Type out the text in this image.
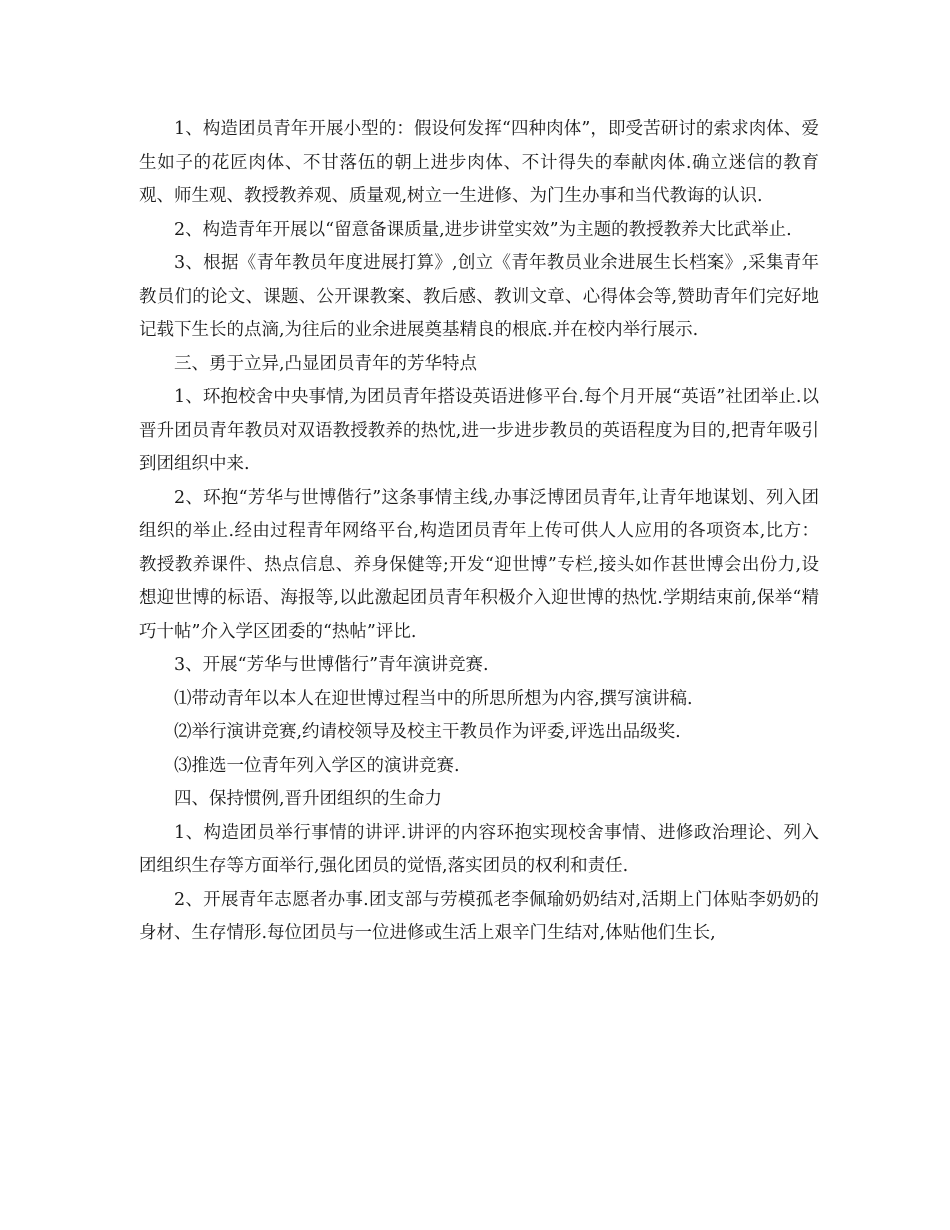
1、构造团员青年开展小型的：假设何发挥“四种肉体”，即受苦研讨的索求肉体、爱生如子的花匠肉体、不甘落伍的朝上进步肉体、不计得失的奉献肉体.确立迷信的教育观、师生观、教授教养观、质量观,树立一生进修、为门生办事和当代教诲的认识.

2、构造青年开展以“留意备课质量,进步讲堂实效”为主题的教授教养大比武举止.

3、根据《青年教员年度进展打算》,创立《青年教员业余进展生长档案》,采集青年教员们的论文、课题、公开课教案、教后感、教训文章、心得体会等,赞助青年们完好地记载下生长的点滴,为往后的业余进展奠基精良的根底.并在校内举行展示.

三、勇于立异,凸显团员青年的芳华特点

1、环抱校舍中央事情,为团员青年搭设英语进修平台.每个月开展“英语”社团举止.以晋升团员青年教员对双语教授教养的热忱,进一步进步教员的英语程度为目的,把青年吸引到团组织中来.

2、环抱“芳华与世博偕行”这条事情主线,办事泛博团员青年,让青年地谋划、列入团组织的举止.经由过程青年网络平台,构造团员青年上传可供人人应用的各项资本,比方：教授教养课件、热点信息、养身保健等;开发“迎世博”专栏,接头如作甚世博会出份力,设想迎世博的标语、海报等,以此激起团员青年积极介入迎世博的热忱.学期结束前,保举“精巧十帖”介入学区团委的“热帖”评比.

3、开展“芳华与世博偕行”青年演讲竞赛.

⑴带动青年以本人在迎世博过程当中的所思所想为内容,撰写演讲稿.

⑵举行演讲竞赛,约请校领导及校主干教员作为评委,评选出品级奖.

⑶推选一位青年列入学区的演讲竞赛.

四、保持惯例,晋升团组织的生命力

1、构造团员举行事情的讲评.讲评的内容环抱实现校舍事情、进修政治理论、列入团组织生存等方面举行,强化团员的觉悟,落实团员的权利和责任.

2、开展青年志愿者办事.团支部与劳模孤老李佩瑜奶奶结对,活期上门体贴李奶奶的身材、生存情形.每位团员与一位进修或生活上艰辛门生结对,体贴他们生长,
